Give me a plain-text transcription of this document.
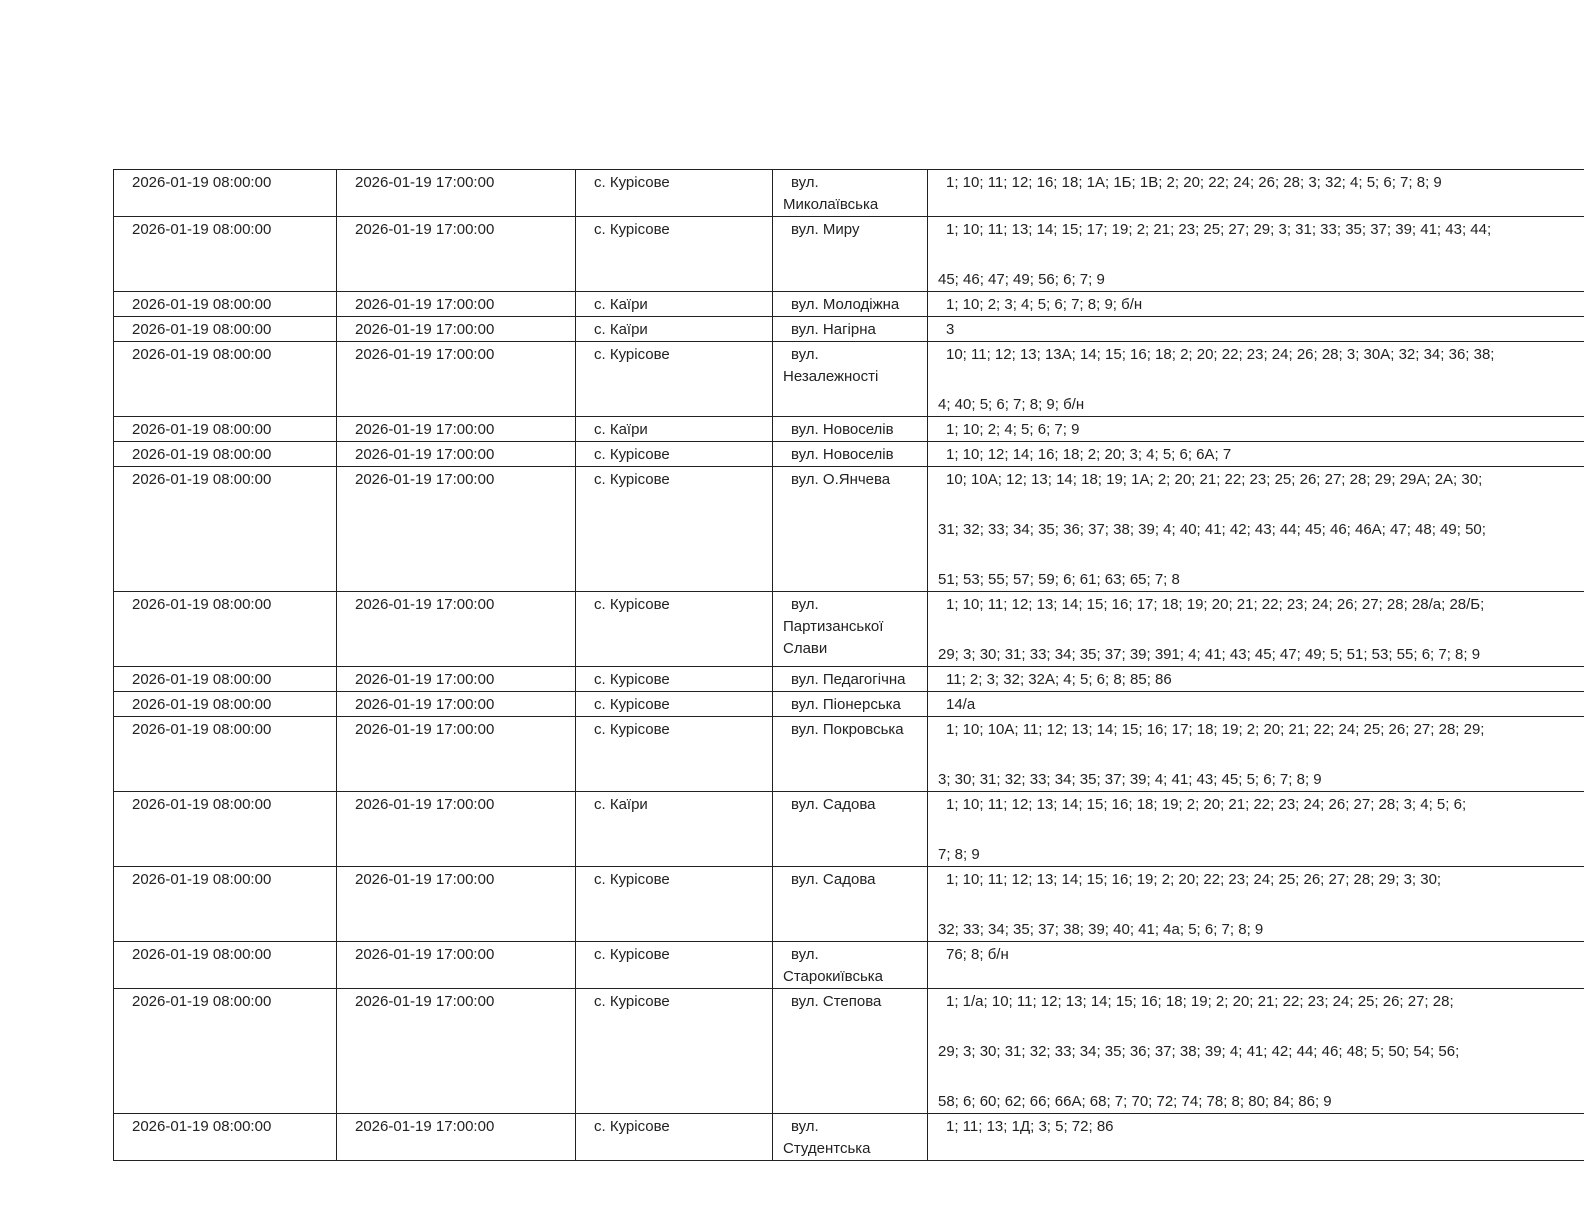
2026-01-19 08:00:00	2026-01-19 17:00:00	с. Курісове	вул.
Миколаївська	1; 10; 11; 12; 16; 18; 1А; 1Б; 1В; 2; 20; 22; 24; 26; 28; 3; 32; 4; 5; 6; 7; 8; 9

2026-01-19 08:00:00	2026-01-19 17:00:00	с. Курісове	вул. Миру	1; 10; 11; 13; 14; 15; 17; 19; 2; 21; 23; 25; 27; 29; 3; 31; 33; 35; 37; 39; 41; 43; 44;
45; 46; 47; 49; 56; 6; 7; 9

2026-01-19 08:00:00	2026-01-19 17:00:00	с. Каїри	вул. Молодіжна	1; 10; 2; 3; 4; 5; 6; 7; 8; 9; б/н

2026-01-19 08:00:00	2026-01-19 17:00:00	с. Каїри	вул. Нагірна	3

2026-01-19 08:00:00	2026-01-19 17:00:00	с. Курісове	вул.
Незалежності	10; 11; 12; 13; 13А; 14; 15; 16; 18; 2; 20; 22; 23; 24; 26; 28; 3; 30А; 32; 34; 36; 38;
4; 40; 5; 6; 7; 8; 9; б/н

2026-01-19 08:00:00	2026-01-19 17:00:00	с. Каїри	вул. Новоселів	1; 10; 2; 4; 5; 6; 7; 9

2026-01-19 08:00:00	2026-01-19 17:00:00	с. Курісове	вул. Новоселів	1; 10; 12; 14; 16; 18; 2; 20; 3; 4; 5; 6; 6А; 7

2026-01-19 08:00:00	2026-01-19 17:00:00	с. Курісове	вул. О.Янчева	10; 10А; 12; 13; 14; 18; 19; 1А; 2; 20; 21; 22; 23; 25; 26; 27; 28; 29; 29А; 2А; 30;
31; 32; 33; 34; 35; 36; 37; 38; 39; 4; 40; 41; 42; 43; 44; 45; 46; 46А; 47; 48; 49; 50;
51; 53; 55; 57; 59; 6; 61; 63; 65; 7; 8

2026-01-19 08:00:00	2026-01-19 17:00:00	с. Курісове	вул.
Партизанської
Слави	1; 10; 11; 12; 13; 14; 15; 16; 17; 18; 19; 20; 21; 22; 23; 24; 26; 27; 28; 28/а; 28/Б;
29; 3; 30; 31; 33; 34; 35; 37; 39; 391; 4; 41; 43; 45; 47; 49; 5; 51; 53; 55; 6; 7; 8; 9

2026-01-19 08:00:00	2026-01-19 17:00:00	с. Курісове	вул. Педагогічна	11; 2; 3; 32; 32А; 4; 5; 6; 8; 85; 86

2026-01-19 08:00:00	2026-01-19 17:00:00	с. Курісове	вул. Піонерська	14/а

2026-01-19 08:00:00	2026-01-19 17:00:00	с. Курісове	вул. Покровська	1; 10; 10А; 11; 12; 13; 14; 15; 16; 17; 18; 19; 2; 20; 21; 22; 24; 25; 26; 27; 28; 29;
3; 30; 31; 32; 33; 34; 35; 37; 39; 4; 41; 43; 45; 5; 6; 7; 8; 9

2026-01-19 08:00:00	2026-01-19 17:00:00	с. Каїри	вул. Садова	1; 10; 11; 12; 13; 14; 15; 16; 18; 19; 2; 20; 21; 22; 23; 24; 26; 27; 28; 3; 4; 5; 6;
7; 8; 9

2026-01-19 08:00:00	2026-01-19 17:00:00	с. Курісове	вул. Садова	1; 10; 11; 12; 13; 14; 15; 16; 19; 2; 20; 22; 23; 24; 25; 26; 27; 28; 29; 3; 30;
32; 33; 34; 35; 37; 38; 39; 40; 41; 4а; 5; 6; 7; 8; 9

2026-01-19 08:00:00	2026-01-19 17:00:00	с. Курісове	вул.
Старокиївська	76; 8; б/н

2026-01-19 08:00:00	2026-01-19 17:00:00	с. Курісове	вул. Степова	1; 1/а; 10; 11; 12; 13; 14; 15; 16; 18; 19; 2; 20; 21; 22; 23; 24; 25; 26; 27; 28;
29; 3; 30; 31; 32; 33; 34; 35; 36; 37; 38; 39; 4; 41; 42; 44; 46; 48; 5; 50; 54; 56;
58; 6; 60; 62; 66; 66А; 68; 7; 70; 72; 74; 78; 8; 80; 84; 86; 9

2026-01-19 08:00:00	2026-01-19 17:00:00	с. Курісове	вул.
Студентська	1; 11; 13; 1Д; 3; 5; 72; 86
